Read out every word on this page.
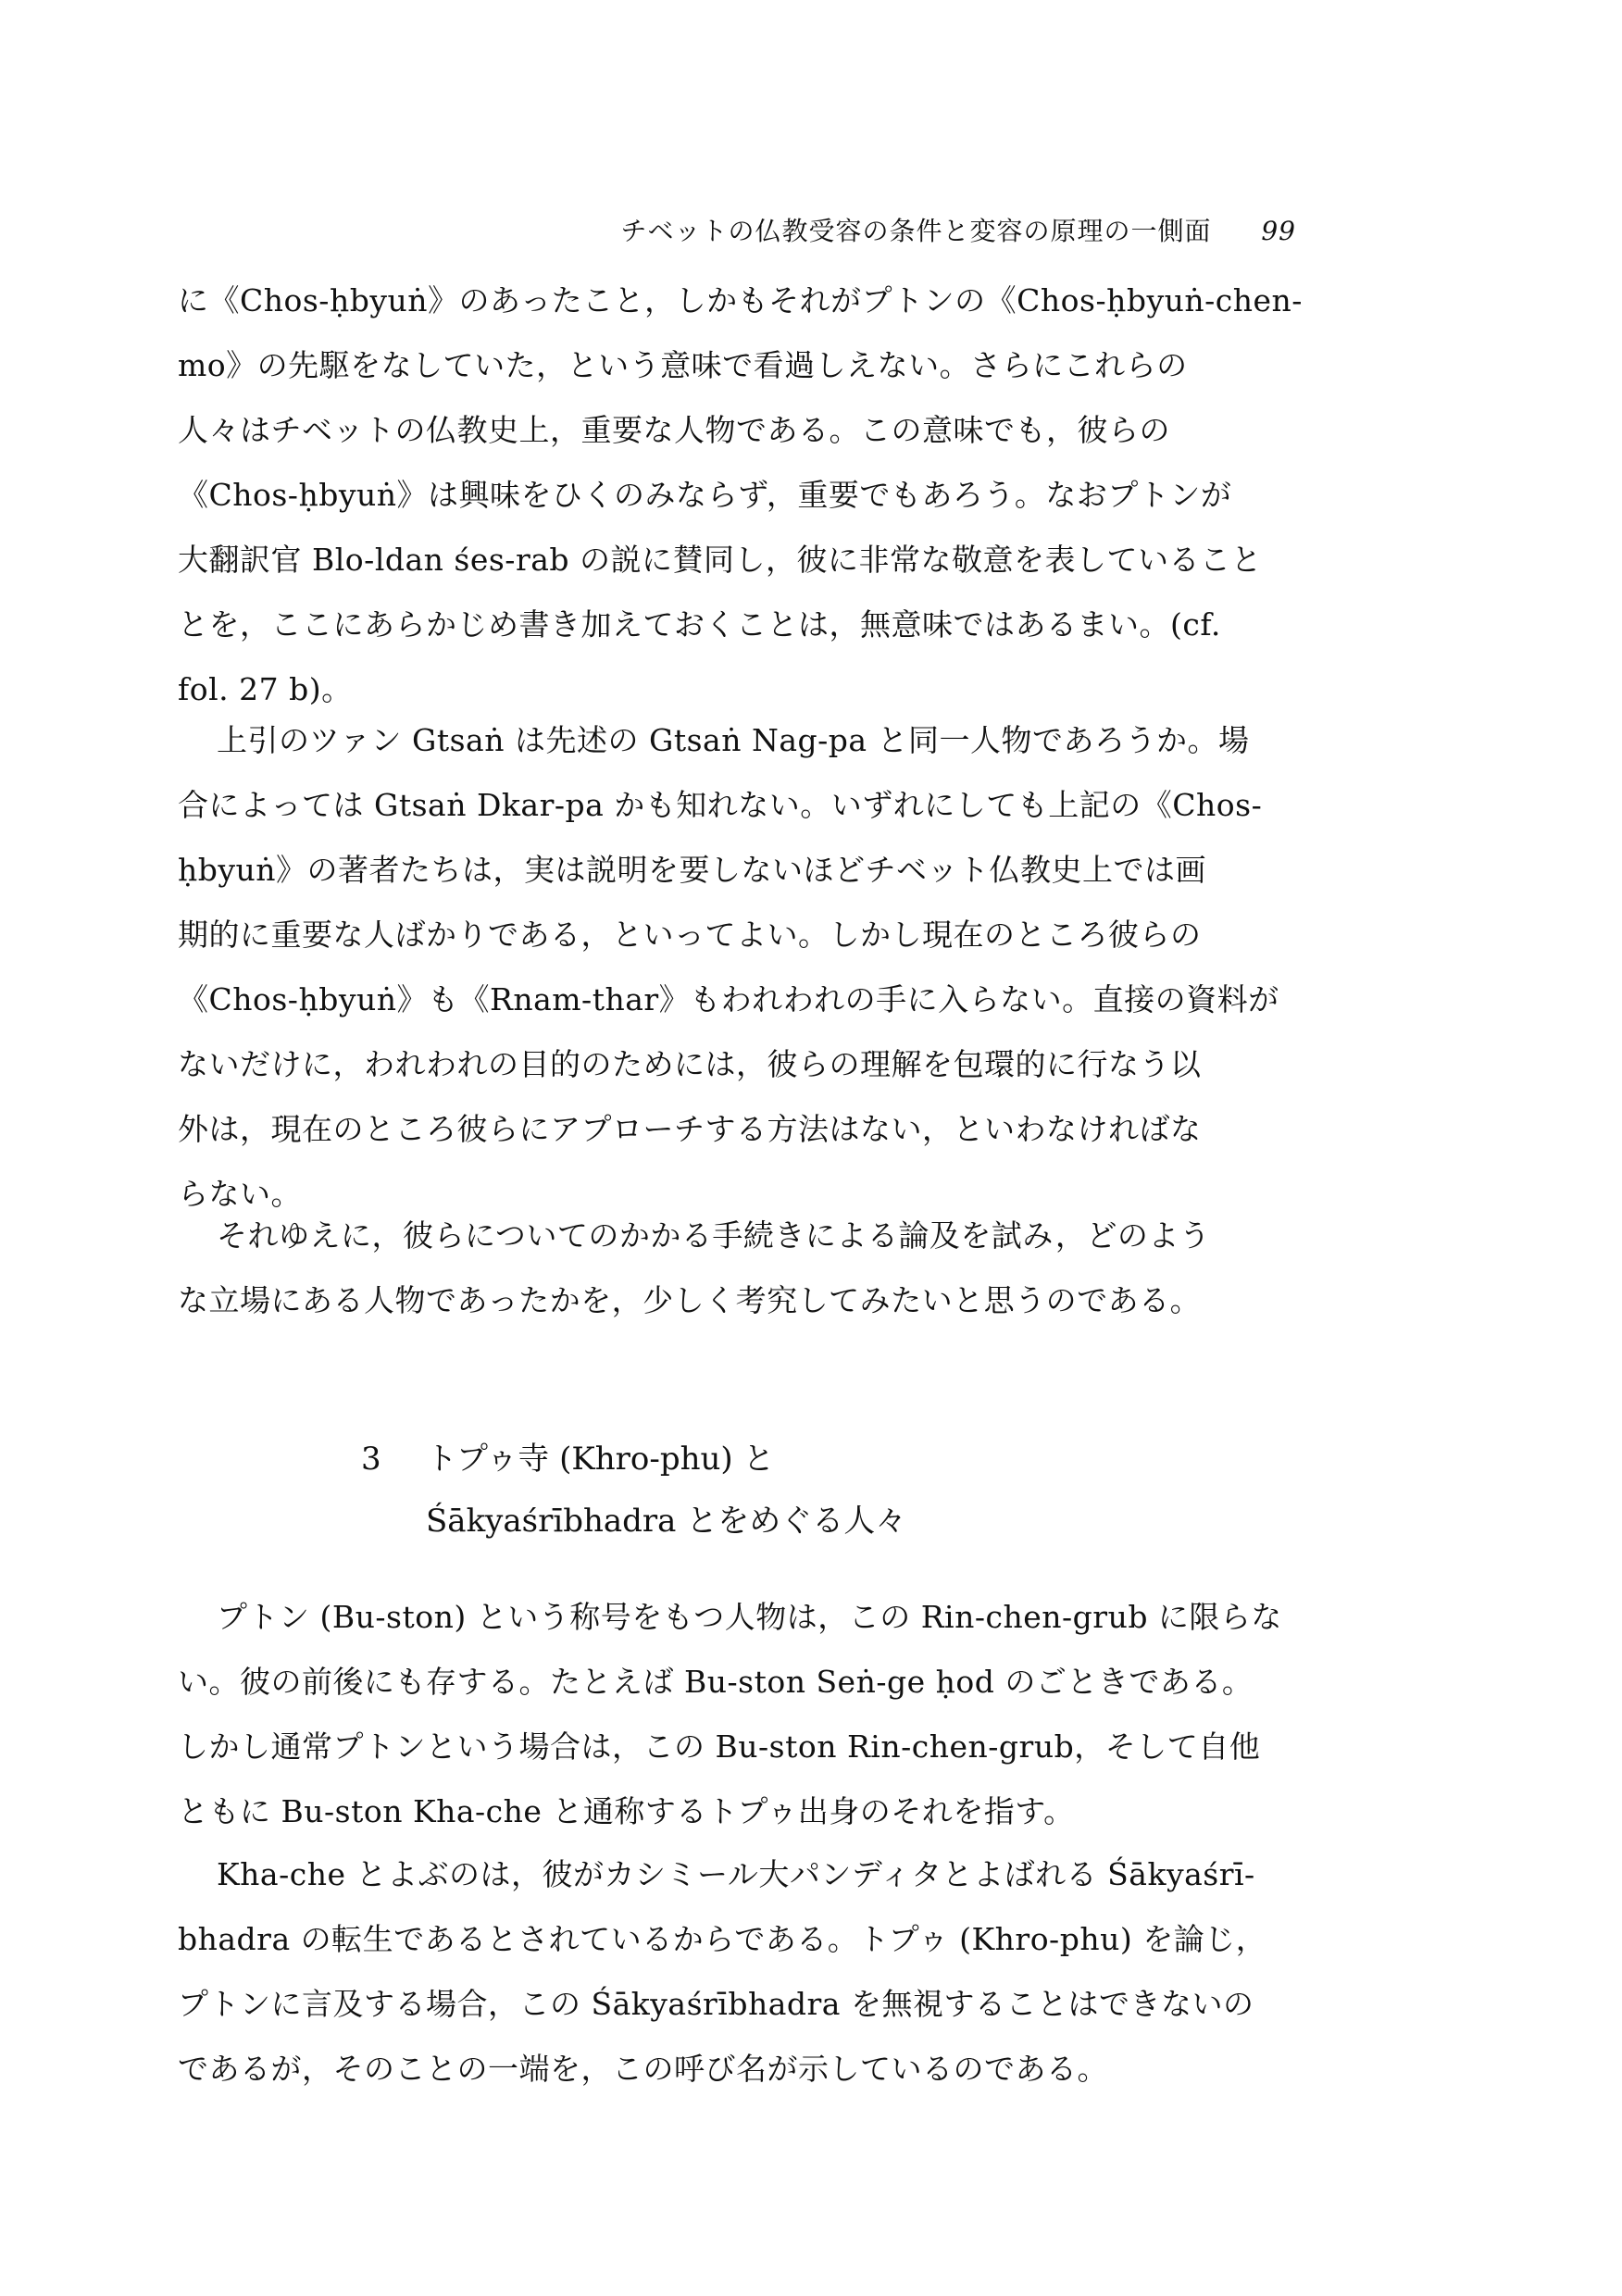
チベットの仏教受容の条件と変容の原理の一側面 99
に《Chos-ḥbyuṅ》のあったこと，しかもそれがプトンの《Chos-ḥbyuṅ-chen-
mo》の先駆をなしていた，という意味で看過しえない。さらにこれらの
人々はチベットの仏教史上，重要な人物である。この意味でも，彼らの
《Chos-ḥbyuṅ》は興味をひくのみならず，重要でもあろう。なおプトンが
大翻訳官 Blo-ldan śes-rab の説に賛同し，彼に非常な敬意を表していること
とを，ここにあらかじめ書き加えておくことは，無意味ではあるまい。(cf.
fol. 27 b)。
上引のツァン Gtsaṅ は先述の Gtsaṅ Nag-pa と同一人物であろうか。場
合によっては Gtsaṅ Dkar-pa かも知れない。いずれにしても上記の《Chos-
ḥbyuṅ》の著者たちは，実は説明を要しないほどチベット仏教史上では画
期的に重要な人ばかりである，といってよい。しかし現在のところ彼らの
《Chos-ḥbyuṅ》も《Rnam-thar》もわれわれの手に入らない。直接の資料が
ないだけに，われわれの目的のためには，彼らの理解を包環的に行なう以
外は，現在のところ彼らにアプローチする方法はない，といわなければな
らない。
それゆえに，彼らについてのかかる手続きによる論及を試み，どのよう
な立場にある人物であったかを，少しく考究してみたいと思うのである。
3 トプゥ寺 (Khro-phu) と
Śākyaśrībhadra とをめぐる人々
プトン (Bu-ston) という称号をもつ人物は，この Rin-chen-grub に限らな
い。彼の前後にも存する。たとえば Bu-ston Seṅ-ge ḥod のごときである。
しかし通常プトンという場合は，この Bu-ston Rin-chen-grub，そして自他
ともに Bu-ston Kha-che と通称するトプゥ出身のそれを指す。
Kha-che とよぶのは，彼がカシミール大パンディタとよばれる Śākyaśrī-
bhadra の転生であるとされているからである。トプゥ (Khro-phu) を論じ，
プトンに言及する場合，この Śākyaśrībhadra を無視することはできないの
であるが，そのことの一端を，この呼び名が示しているのである。
